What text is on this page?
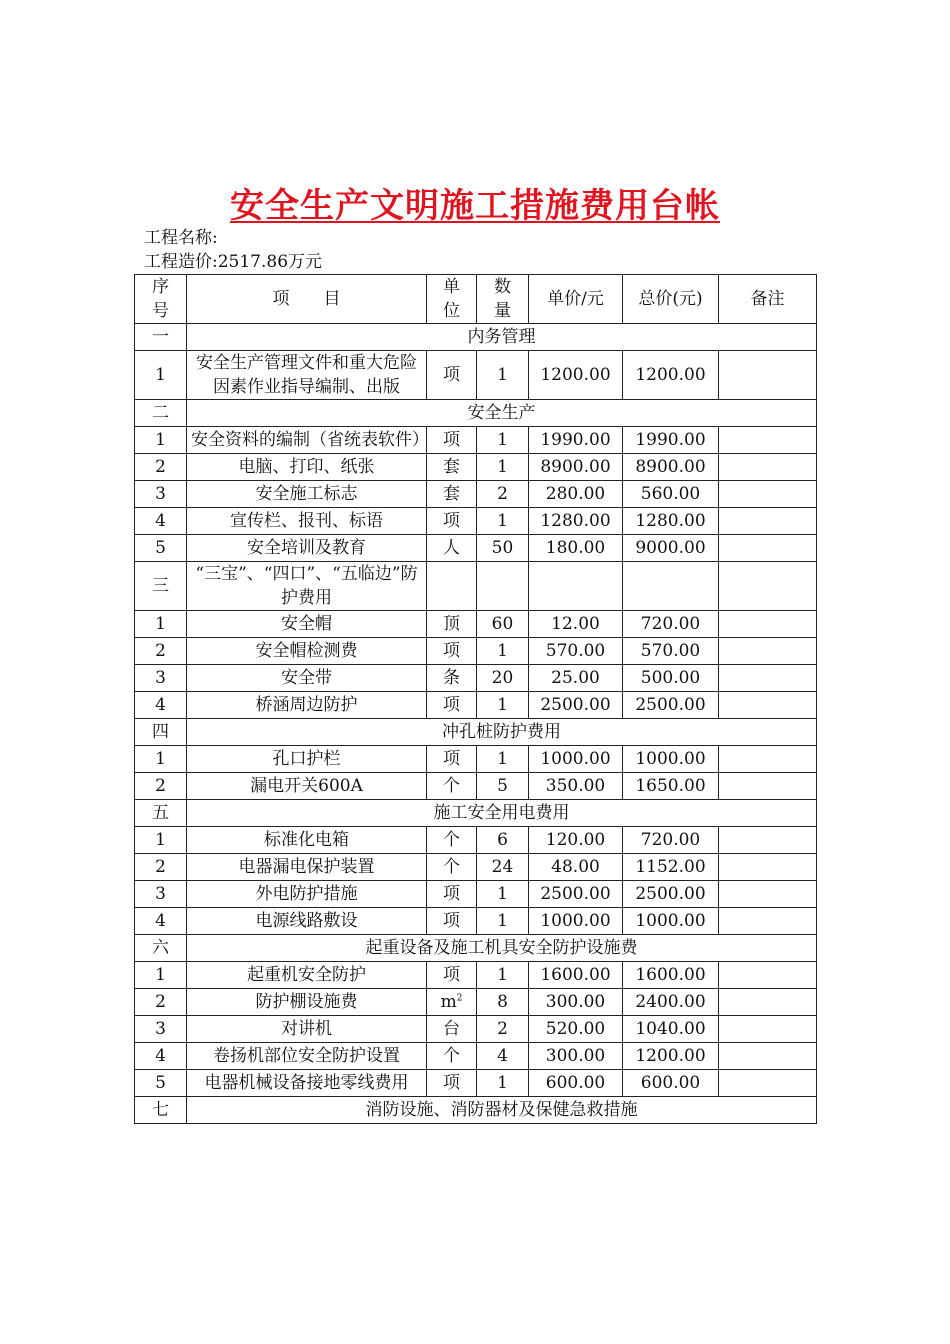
安全生产文明施工措施费用台帐
工程名称:
工程造价:2517.86万元
序号	项　　目	单位	数量	单价/元	总价(元)	备注
一	内务管理					
1	安全生产管理文件和重大危险因素作业指导编制、出版	项	1	1200.00	1200.00	
二	安全生产					
1	安全资料的编制（省统表软件）	项	1	1990.00	1990.00	
2	电脑、打印、纸张	套	1	8900.00	8900.00	
3	安全施工标志	套	2	280.00	560.00	
4	宣传栏、报刊、标语	项	1	1280.00	1280.00	
5	安全培训及教育	人	50	180.00	9000.00	
三	“三宝”、“四口”、“五临边”防护费用					
1	安全帽	顶	60	12.00	720.00	
2	安全帽检测费	项	1	570.00	570.00	
3	安全带	条	20	25.00	500.00	
4	桥涵周边防护	项	1	2500.00	2500.00	
四	冲孔桩防护费用					
1	孔口护栏	项	1	1000.00	1000.00	
2	漏电开关600A	个	5	350.00	1650.00	
五	施工安全用电费用					
1	标准化电箱	个	6	120.00	720.00	
2	电器漏电保护装置	个	24	48.00	1152.00	
3	外电防护措施	项	1	2500.00	2500.00	
4	电源线路敷设	项	1	1000.00	1000.00	
六	起重设备及施工机具安全防护设施费					
1	起重机安全防护	项	1	1600.00	1600.00	
2	防护棚设施费	$m^2$	8	300.00	2400.00	
3	对讲机	台	2	520.00	1040.00	
4	卷扬机部位安全防护设置	个	4	300.00	1200.00	
5	电器机械设备接地零线费用	项	1	600.00	600.00	
七	消防设施、消防器材及保健急救措施					
